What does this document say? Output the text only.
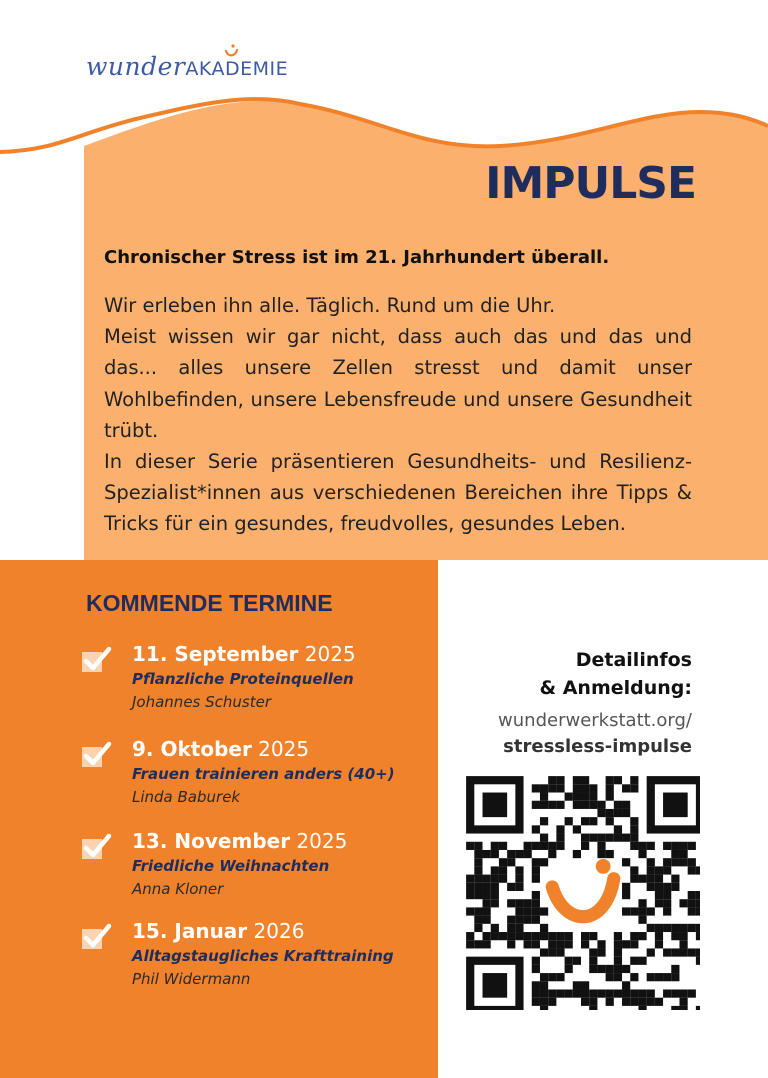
wunderAKADEMIE
StressLess
IMPULSE
Chronischer Stress ist im 21. Jahrhundert überall.

Wir erleben ihn alle. Täglich. Rund um die Uhr.

Meist wissen wir gar nicht, dass auch das und das und das... alles unsere Zellen stresst und damit unser Wohlbefinden, unsere Lebensfreude und unsere Gesundheit trübt.

In dieser Serie präsentieren Gesundheits- und Resilienz-Spezialist*innen aus verschiedenen Bereichen ihre Tipps & Tricks für ein gesundes, freudvolles, gesundes Leben.

KOMMENDE TERMINE
11. September 2025
Pflanzliche Proteinquellen
Johannes Schuster
9. Oktober 2025
Frauen trainieren anders (40+)
Linda Baburek
13. November 2025
Friedliche Weihnachten
Anna Kloner
15. Januar 2026
Alltagstaugliches Krafttraining
Phil Widermann
Detailinfos
& Anmeldung:
wunderwerkstatt.org/
stressless-impulse
